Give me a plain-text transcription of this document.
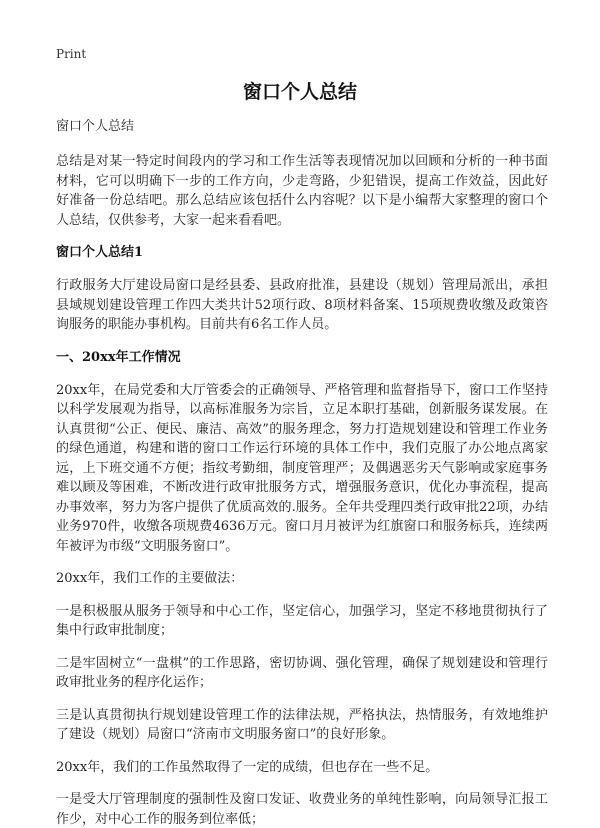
Print
窗口个人总结

窗口个人总结

总结是对某一特定时间段内的学习和工作生活等表现情况加以回顾和分析的一种书面材料，它可以明确下一步的工作方向，少走弯路，少犯错误，提高工作效益，因此好好准备一份总结吧。那么总结应该包括什么内容呢？以下是小编帮大家整理的窗口个人总结，仅供参考，大家一起来看看吧。

窗口个人总结1

行政服务大厅建设局窗口是经县委、县政府批准，县建设（规划）管理局派出，承担县域规划建设管理工作四大类共计52项行政、8项材料备案、15项规费收缴及政策咨询服务的职能办事机构。目前共有6名工作人员。

一、20xx年工作情况

20xx年，在局党委和大厅管委会的正确领导、严格管理和监督指导下，窗口工作坚持以科学发展观为指导，以高标准服务为宗旨，立足本职打基础，创新服务谋发展。在认真贯彻“公正、便民、廉洁、高效”的服务理念，努力打造规划建设和管理工作业务的绿色通道，构建和谐的窗口工作运行环境的具体工作中，我们克服了办公地点离家远，上下班交通不方便；指纹考勤细，制度管理严；及偶遇恶劣天气影响或家庭事务难以顾及等困难，不断改进行政审批服务方式，增强服务意识，优化办事流程，提高办事效率，努力为客户提供了优质高效的.服务。全年共受理四类行政审批22项，办结业务970件，收缴各项规费4636万元。窗口月月被评为红旗窗口和服务标兵，连续两年被评为市级“文明服务窗口”。

20xx年，我们工作的主要做法：

一是积极服从服务于领导和中心工作，坚定信心，加强学习，坚定不移地贯彻执行了集中行政审批制度；

二是牢固树立“一盘棋”的工作思路，密切协调、强化管理，确保了规划建设和管理行政审批业务的程序化运作；

三是认真贯彻执行规划建设管理工作的法律法规，严格执法，热情服务，有效地维护了建设（规划）局窗口“济南市文明服务窗口”的良好形象。

20xx年，我们的工作虽然取得了一定的成绩，但也存在一些不足。

一是受大厅管理制度的强制性及窗口发证、收费业务的单纯性影响，向局领导汇报工作少，对中心工作的服务到位率低；
